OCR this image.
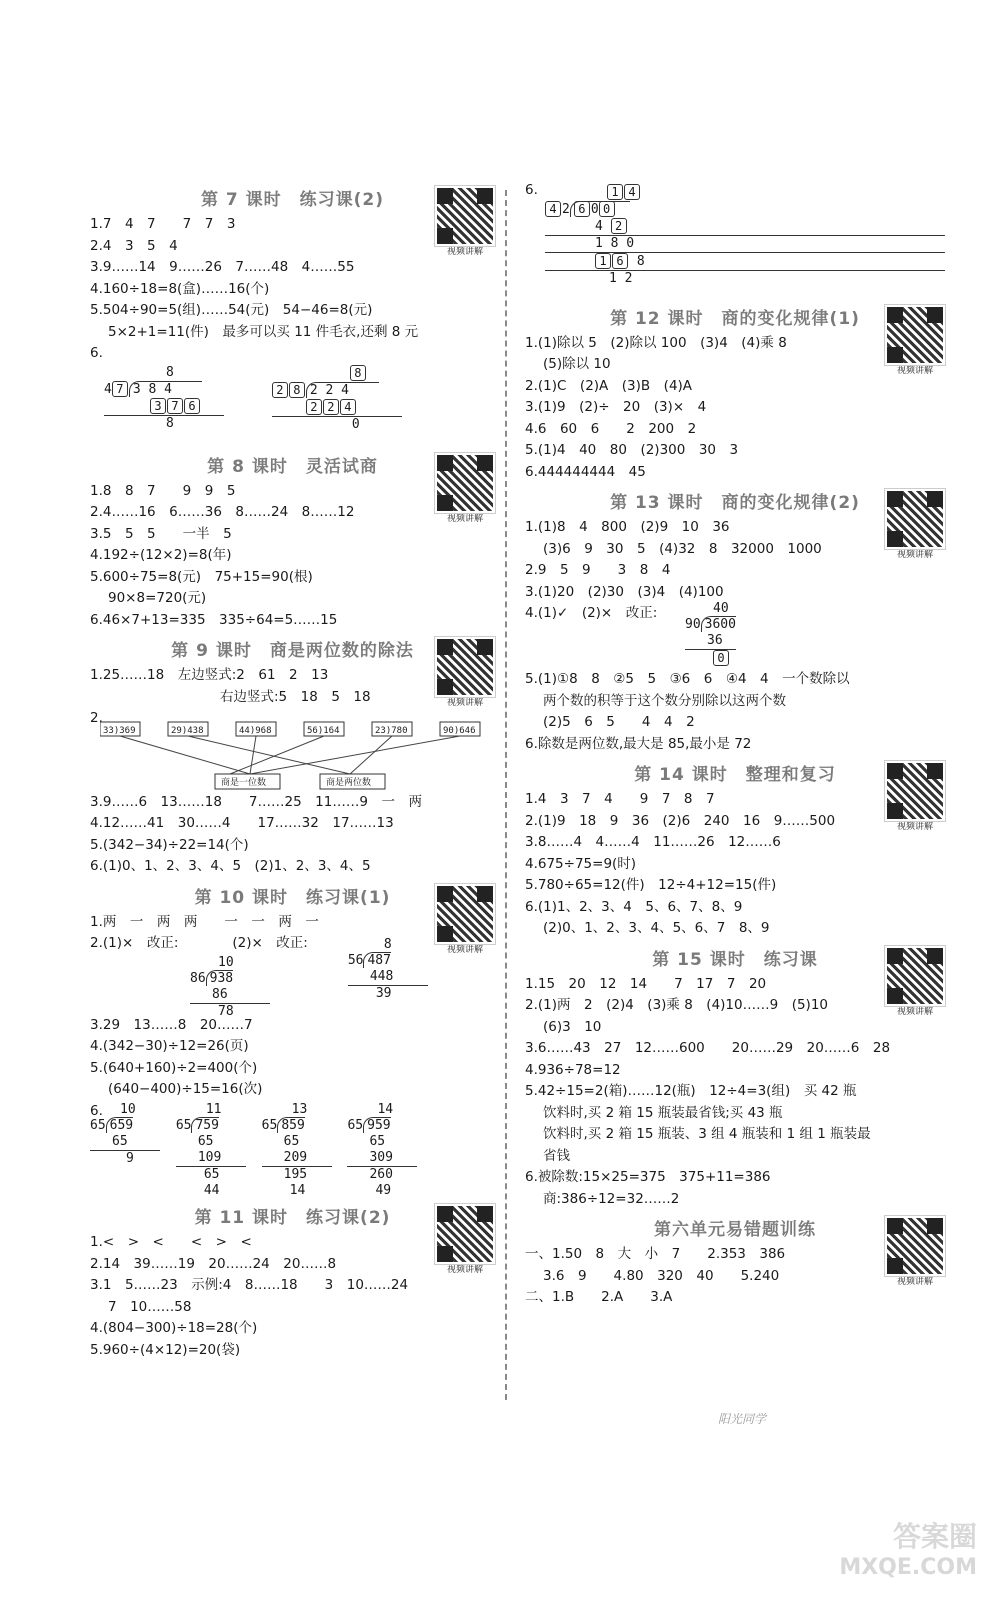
视频讲解
第 7 课时　练习课(2)
1.7　4　7　　7　7　3
2.4　3　5　4
3.9……14　9……26　7……48　4……55
4.160÷18=8(盒)……16(个)
5.504÷90=5(组)……54(元)　54−46=8(元)
5×2+1=11(件)　最多可以买 11 件毛衣,还剩 8 元
6.
8
4 7 3 8 4
3 7 6
8

8
2 8 2 2 4
2 2 4
0
视频讲解
第 8 课时　灵活试商
1.8　8　7　　9　9　5
2.4……16　6……36　8……24　8……12
3.5　5　5　　一半　5
4.192÷(12×2)=8(年)
5.600÷75=8(元)　75+15=90(根)
90×8=720(元)
6.46×7+13=335　335÷64=5……15
视频讲解
第 9 课时　商是两位数的除法
1.25……18　左边竖式:2　61　2　13
右边竖式:5　18　5　18
2.
33)369	29)438	44)968	56)164	23)780	90)646
商是一位数	商是两位数
3.9……6　13……18　　7……25　11……9　一　两
4.12……41　30……4　　17……32　17……13
5.(342−34)÷22=14(个)
6.(1)0、1、2、3、4、5　(2)1、2、3、4、5
视频讲解
第 10 课时　练习课(1)
1.两　一　两　两　　一　一　两　一
2.(1)×　改正:　　　　(2)×　改正:
10
86 938
86
78

8
56 487
448
39
3.29　13……8　20……7
4.(342−30)÷12=26(页)
5.(640+160)÷2=400(个)
(640−400)÷15=16(次)
6.	10
65 659
65
9

11
65 759
65
109
65
44

13
65 859
65
209
195
14

14
65 959
65
309
260
49
视频讲解
第 11 课时　练习课(2)
1.<　>　<　　<　>　<
2.14　39……19　20……24　20……8
3.1　5……23　示例:4　8……18　　3　10……24
7　10……58
4.(804−300)÷18=28(个)
5.960÷(4×12)=20(袋)
6.	1 4
4 2 6 0 0
4 2
1 8 0
1 6 8
1 2
视频讲解
第 12 课时　商的变化规律(1)
1.(1)除以 5　(2)除以 100　(3)4　(4)乘 8
(5)除以 10
2.(1)C　(2)A　(3)B　(4)A
3.(1)9　(2)÷　20　(3)×　4
4.6　60　6　　2　200　2
5.(1)4　40　80　(2)300　30　3
6.444444444　45
视频讲解
第 13 课时　商的变化规律(2)
1.(1)8　4　800　(2)9　10　36
(3)6　9　30　5　(4)32　8　32000　1000
2.9　5　9　　3　8　4
3.(1)20　(2)30　(3)4　(4)100
4.(1)✓　(2)×　改正:	40
90 3600
36
0
5.(1)①8　8　②5　5　③6　6　④4　4　一个数除以
两个数的积等于这个数分别除以这两个数
(2)5　6　5　　4　4　2
6.除数是两位数,最大是 85,最小是 72
视频讲解
第 14 课时　整理和复习
1.4　3　7　4　　9　7　8　7
2.(1)9　18　9　36　(2)6　240　16　9……500
3.8……4　4……4　11……26　12……6
4.675÷75=9(时)
5.780÷65=12(件)　12÷4+12=15(件)
6.(1)1、2、3、4　5、6、7、8、9
(2)0、1、2、3、4、5、6、7　8、9
视频讲解
第 15 课时　练习课
1.15　20　12　14　　7　17　7　20
2.(1)两　2　(2)4　(3)乘 8　(4)10……9　(5)10
(6)3　10
3.6……43　27　12……600　　20……29　20……6　28
4.936÷78=12
5.42÷15=2(箱)……12(瓶)　12÷4=3(组)　买 42 瓶
饮料时,买 2 箱 15 瓶装最省钱;买 43 瓶
饮料时,买 2 箱 15 瓶装、3 组 4 瓶装和 1 组 1 瓶装最
省钱
6.被除数:15×25=375　375+11=386
商:386÷12=32……2
视频讲解
第六单元易错题训练
一、1.50　8　大　小　7　　2.353　386
3.6　9　　4.80　320　40　　5.240
二、1.B　　2.A　　3.A
阳光同学
答案圈
MXQE.COM
